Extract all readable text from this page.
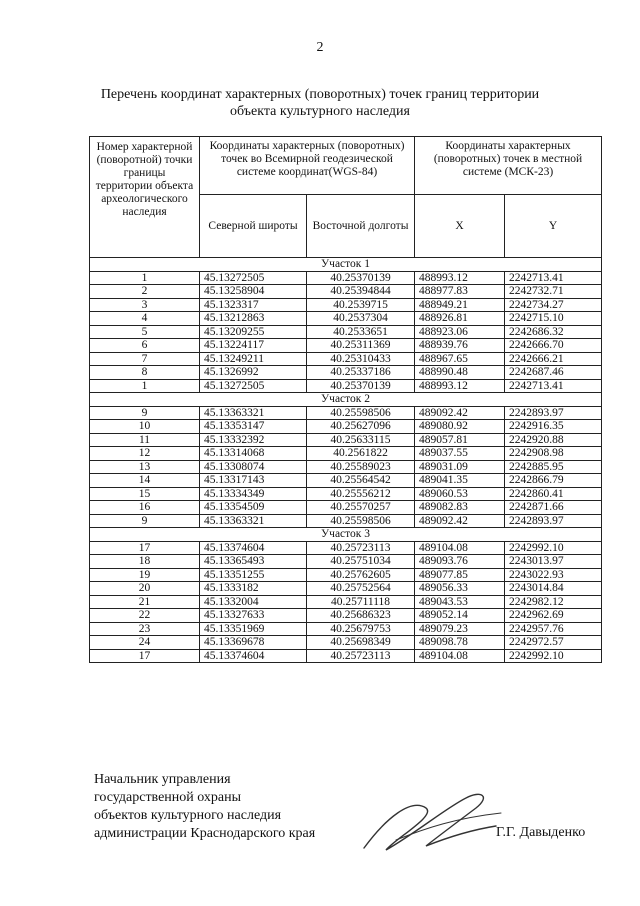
2
Перечень координат характерных (поворотных) точек границ территории
объекта культурного наследия
Номер характерной (поворотной) точки границы территории объекта археологического наследия	Координаты характерных (поворотных) точек во Всемирной геодезической системе координат(WGS-84)		Координаты характерных (поворотных) точек в местной системе (МСК-23)	
	Северной широты	Восточной долготы	X	Y
Участок 1				
1	45.13272505	40.25370139	488993.12	2242713.41
2	45.13258904	40.25394844	488977.83	2242732.71
3	45.1323317	40.2539715	488949.21	2242734.27
4	45.13212863	40.2537304	488926.81	2242715.10
5	45.13209255	40.2533651	488923.06	2242686.32
6	45.13224117	40.25311369	488939.76	2242666.70
7	45.13249211	40.25310433	488967.65	2242666.21
8	45.1326992	40.25337186	488990.48	2242687.46
1	45.13272505	40.25370139	488993.12	2242713.41
Участок 2				
9	45.13363321	40.25598506	489092.42	2242893.97
10	45.13353147	40.25627096	489080.92	2242916.35
11	45.13332392	40.25633115	489057.81	2242920.88
12	45.13314068	40.2561822	489037.55	2242908.98
13	45.13308074	40.25589023	489031.09	2242885.95
14	45.13317143	40.25564542	489041.35	2242866.79
15	45.13334349	40.25556212	489060.53	2242860.41
16	45.13354509	40.25570257	489082.83	2242871.66
9	45.13363321	40.25598506	489092.42	2242893.97
Участок 3				
17	45.13374604	40.25723113	489104.08	2242992.10
18	45.13365493	40.25751034	489093.76	2243013.97
19	45.13351255	40.25762605	489077.85	2243022.93
20	45.1333182	40.25752564	489056.33	2243014.84
21	45.1332004	40.25711118	489043.53	2242982.12
22	45.13327633	40.25686323	489052.14	2242962.69
23	45.13351969	40.25679753	489079.23	2242957.76
24	45.13369678	40.25698349	489098.78	2242972.57
17	45.13374604	40.25723113	489104.08	2242992.10
Начальник управления
государственной охраны
объектов культурного наследия
администрации Краснодарского края	Г.Г. Давыденко
